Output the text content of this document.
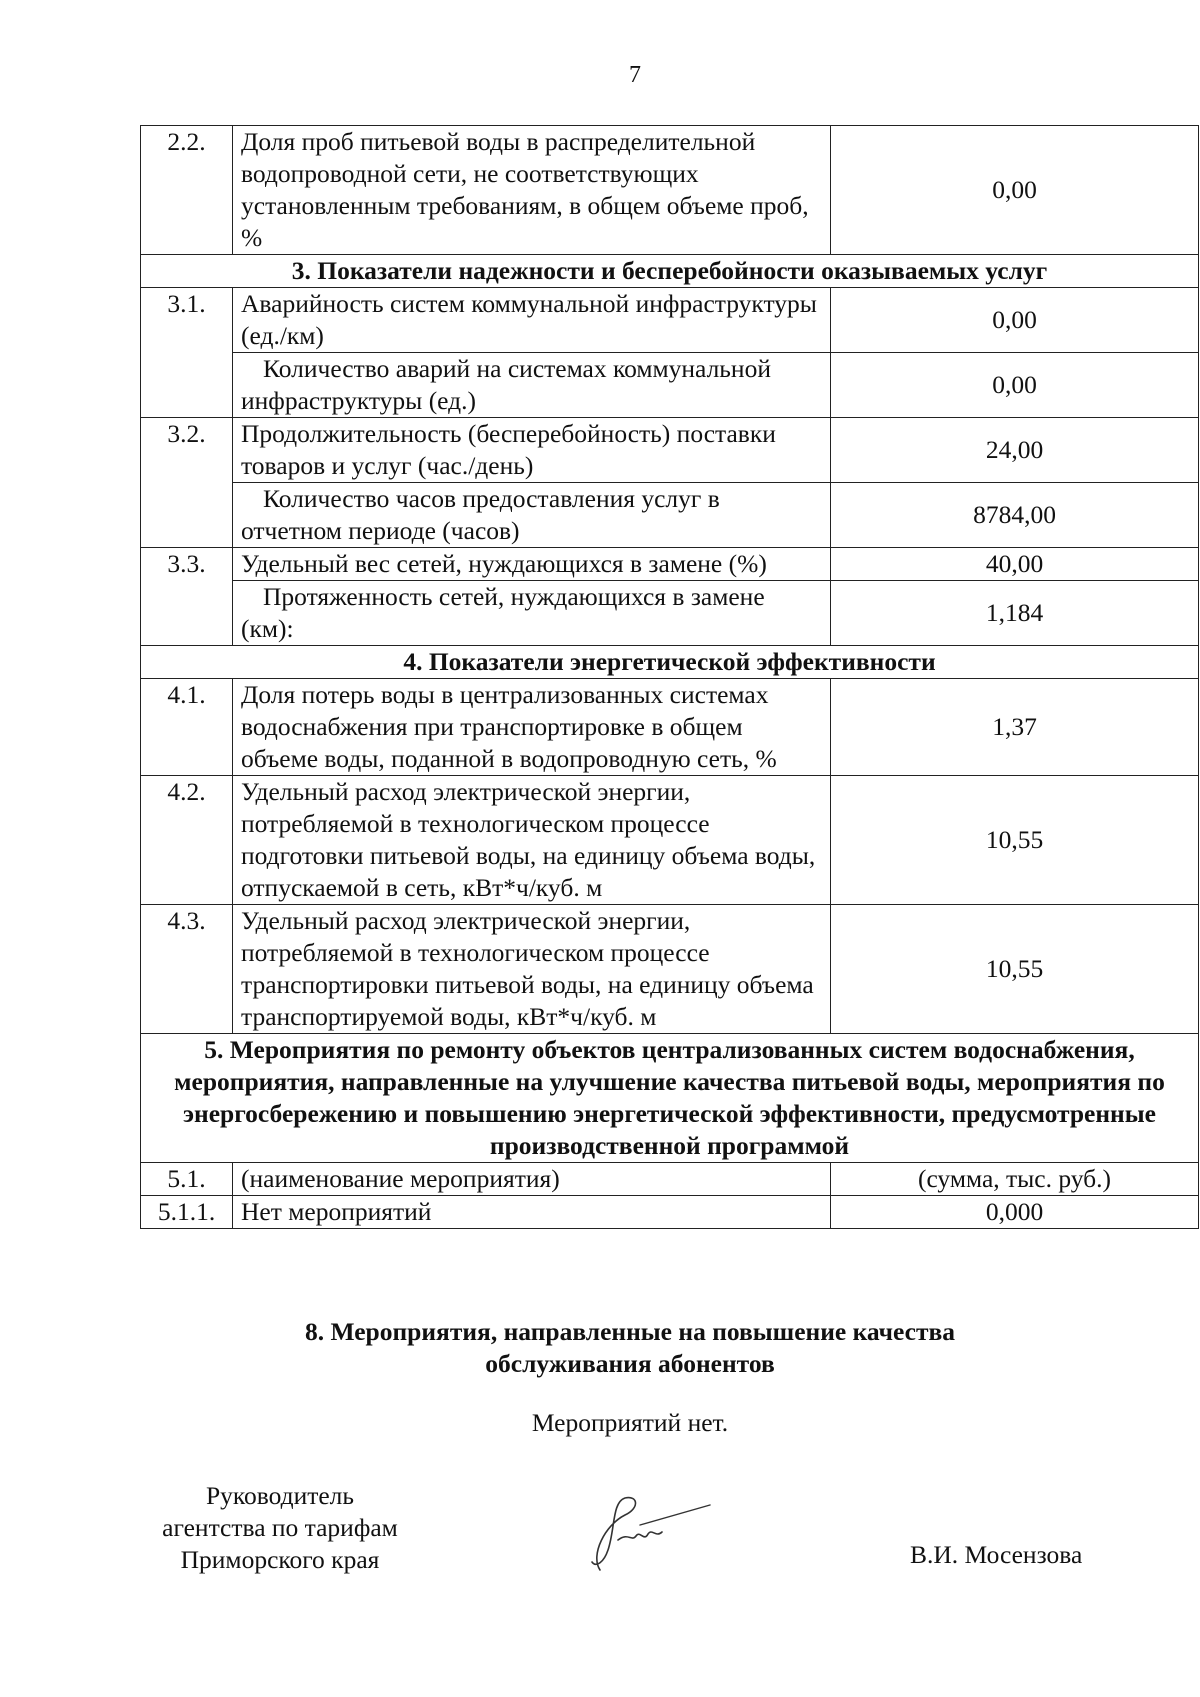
7
2.2.	Доля проб питьевой воды в распределительной водопроводной сети, не соответствующих установленным требованиям, в общем объеме проб, %	0,00
3. Показатели надежности и бесперебойности оказываемых услуг		
3.1.	Аварийность систем коммунальной инфраструктуры (ед./км)	0,00
	Количество аварий на системах коммунальной инфраструктуры (ед.)	0,00
3.2.	Продолжительность (бесперебойность) поставки товаров и услуг (час./день)	24,00
	Количество часов предоставления услуг в отчетном периоде (часов)	8784,00
3.3.	Удельный вес сетей, нуждающихся в замене (%)	40,00
	Протяженность сетей, нуждающихся в замене (км):	1,184
4. Показатели энергетической эффективности		
4.1.	Доля потерь воды в централизованных системах водоснабжения при транспортировке в общем объеме воды, поданной в водопроводную сеть, %	1,37
4.2.	Удельный расход электрической энергии, потребляемой в технологическом процессе подготовки питьевой воды, на единицу объема воды, отпускаемой в сеть, кВт*ч/куб. м	10,55
4.3.	Удельный расход электрической энергии, потребляемой в технологическом процессе транспортировки питьевой воды, на единицу объема транспортируемой воды, кВт*ч/куб. м	10,55
5. Мероприятия по ремонту объектов централизованных систем водоснабжения, мероприятия, направленные на улучшение качества питьевой воды, мероприятия по энергосбережению и повышению энергетической эффективности, предусмотренные производственной программой		
5.1.	(наименование мероприятия)	(сумма, тыс. руб.)
5.1.1.	Нет мероприятий	0,000
8. Мероприятия, направленные на повышение качества
обслуживания абонентов
Мероприятий нет.
Руководитель
агентства по тарифам
Приморского края	В.И. Мосензова
